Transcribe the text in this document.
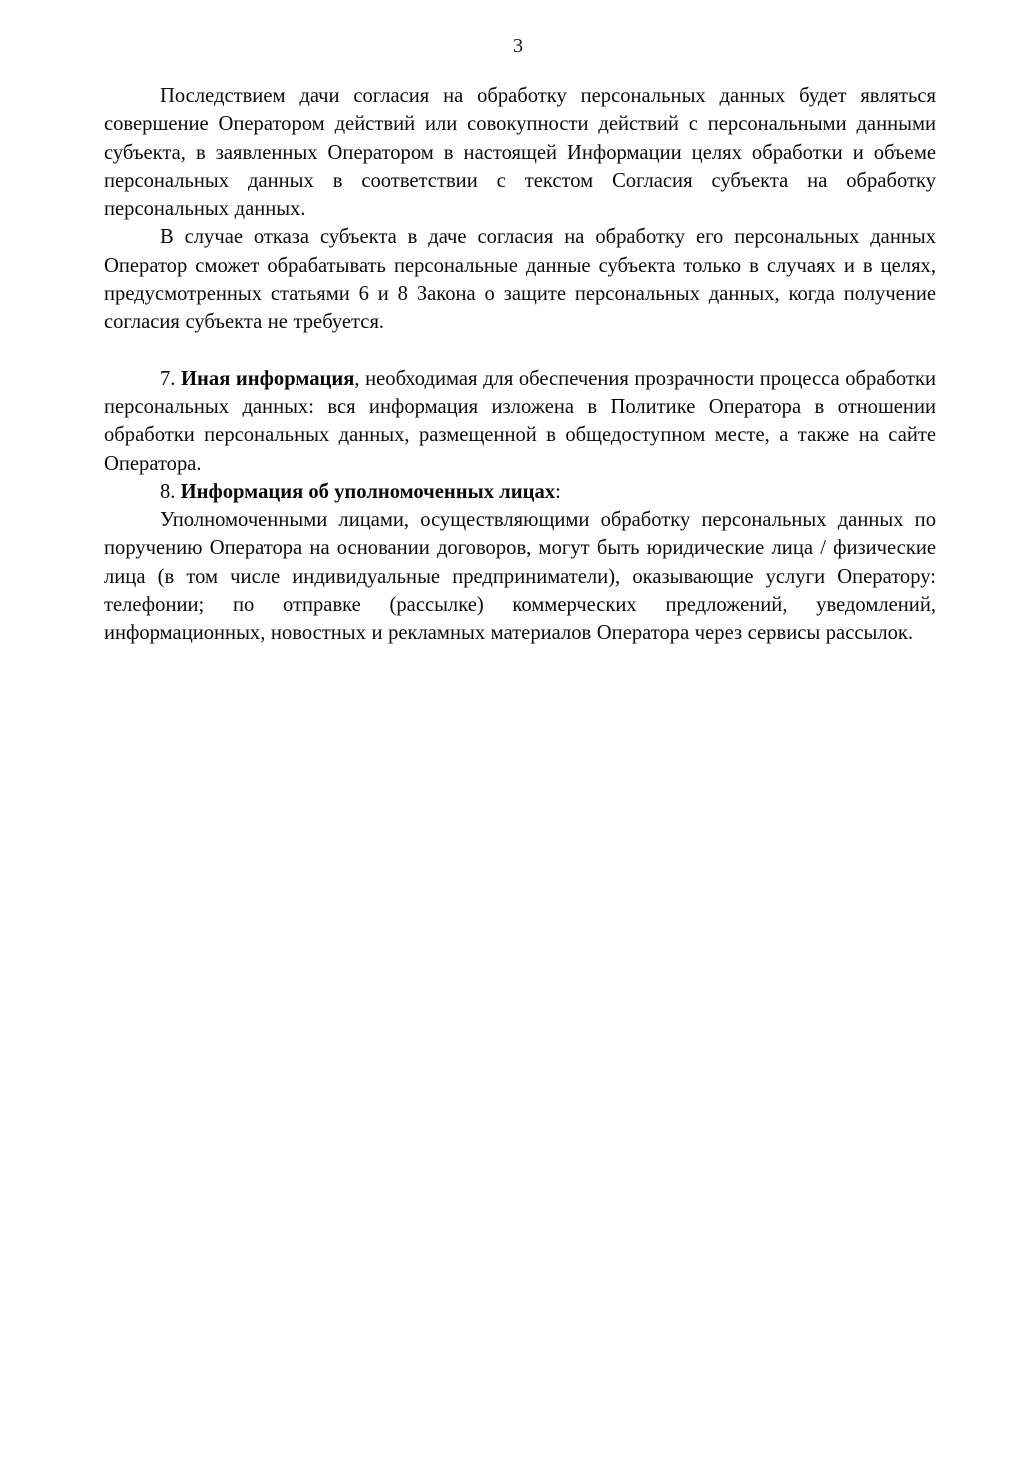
3

Последствием дачи согласия на обработку персональных данных будет являться совершение Оператором действий или совокупности действий с персональными данными субъекта, в заявленных Оператором в настоящей Информации целях обработки и объеме персональных данных в соответствии с текстом Согласия субъекта на обработку персональных данных.

В случае отказа субъекта в даче согласия на обработку его персональных данных Оператор сможет обрабатывать персональные данные субъекта только в случаях и в целях, предусмотренных статьями 6 и 8 Закона о защите персональных данных, когда получение согласия субъекта не требуется.

7. Иная информация, необходимая для обеспечения прозрачности процесса обработки персональных данных: вся информация изложена в Политике Оператора в отношении обработки персональных данных, размещенной в общедоступном месте, а также на сайте Оператора.

8. Информация об уполномоченных лицах:

Уполномоченными лицами, осуществляющими обработку персональных данных по поручению Оператора на основании договоров, могут быть юридические лица / физические лица (в том числе индивидуальные предприниматели), оказывающие услуги Оператору: телефонии; по отправке (рассылке) коммерческих предложений, уведомлений, информационных, новостных и рекламных материалов Оператора через сервисы рассылок.
